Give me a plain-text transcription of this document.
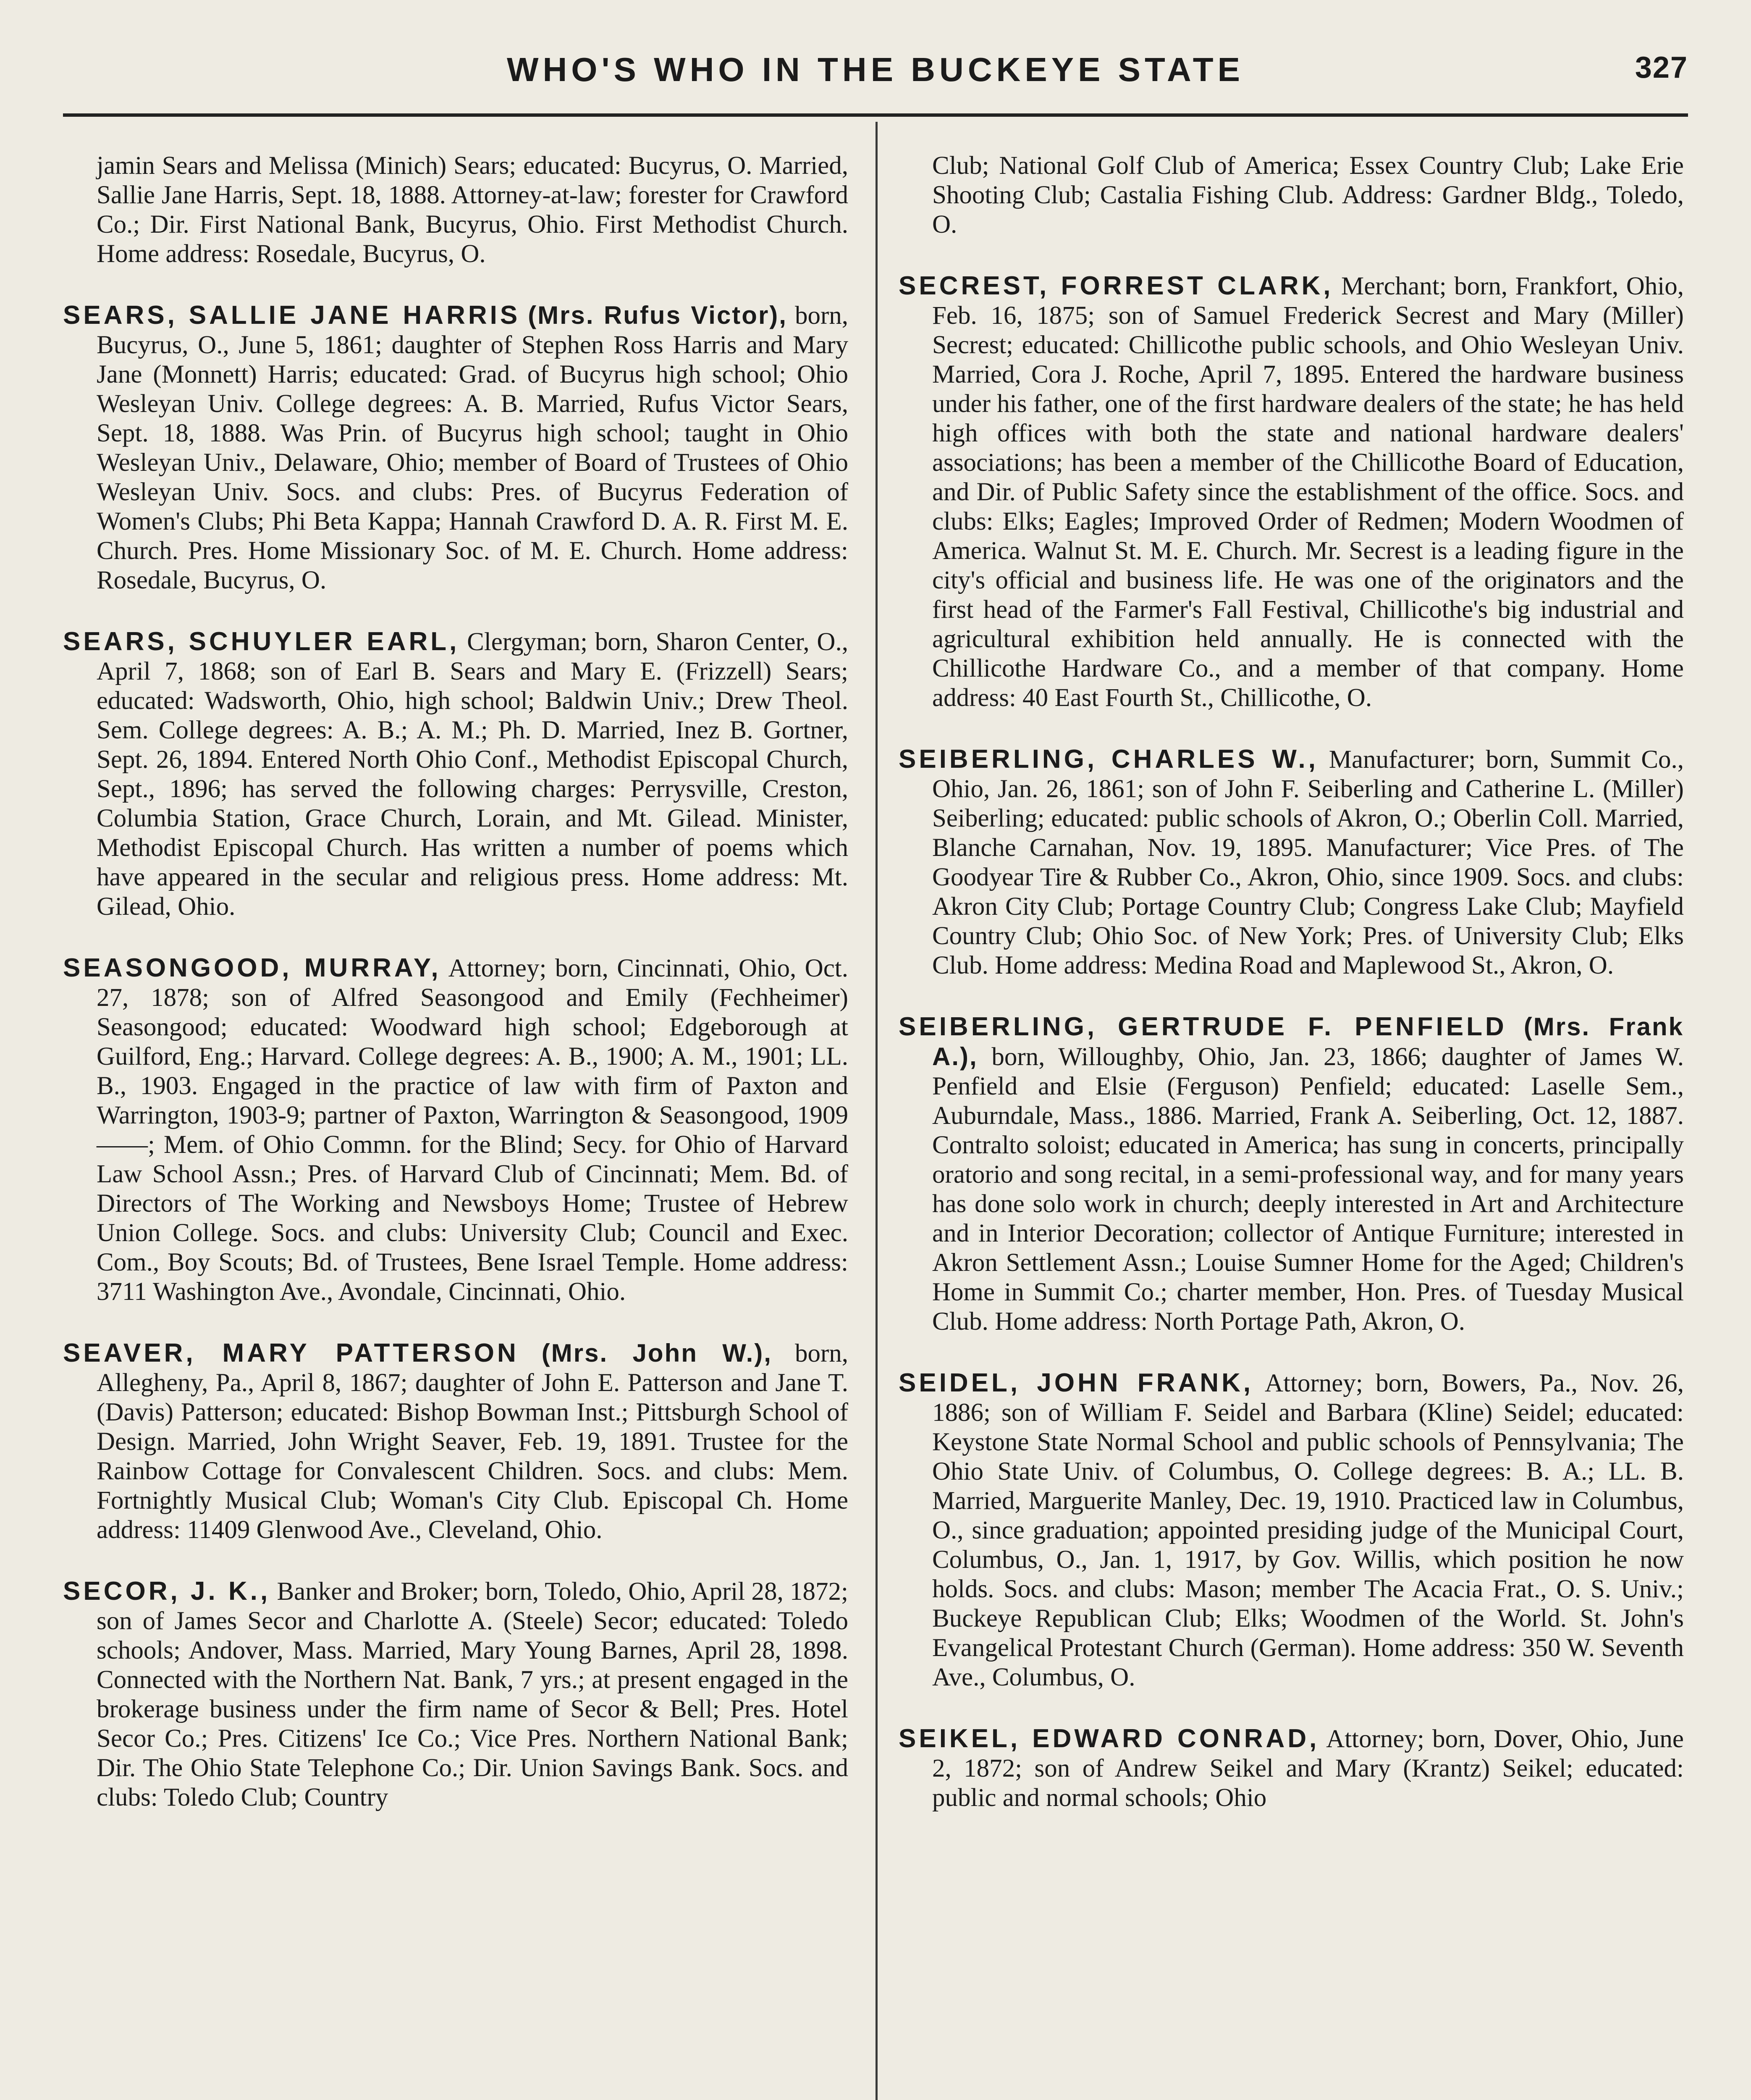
WHO'S WHO IN THE BUCKEYE STATE	327

jamin Sears and Melissa (Minich) Sears; educated: Bucyrus, O. Married, Sallie Jane Harris, Sept. 18, 1888. Attorney-at-law; forester for Crawford Co.; Dir. First National Bank, Bucyrus, Ohio. First Methodist Church. Home address: Rosedale, Bucyrus, O.

SEARS, SALLIE JANE HARRIS (Mrs. Rufus Victor), born, Bucyrus, O., June 5, 1861; daughter of Stephen Ross Harris and Mary Jane (Monnett) Harris; educated: Grad. of Bucyrus high school; Ohio Wesleyan Univ. College degrees: A. B. Married, Rufus Victor Sears, Sept. 18, 1888. Was Prin. of Bucyrus high school; taught in Ohio Wesleyan Univ., Delaware, Ohio; member of Board of Trustees of Ohio Wesleyan Univ. Socs. and clubs: Pres. of Bucyrus Federation of Women's Clubs; Phi Beta Kappa; Hannah Crawford D. A. R. First M. E. Church. Pres. Home Missionary Soc. of M. E. Church. Home address: Rosedale, Bucyrus, O.

SEARS, SCHUYLER EARL, Clergyman; born, Sharon Center, O., April 7, 1868; son of Earl B. Sears and Mary E. (Frizzell) Sears; educated: Wadsworth, Ohio, high school; Baldwin Univ.; Drew Theol. Sem. College degrees: A. B.; A. M.; Ph. D. Married, Inez B. Gortner, Sept. 26, 1894. Entered North Ohio Conf., Methodist Episcopal Church, Sept., 1896; has served the following charges: Perrysville, Creston, Columbia Station, Grace Church, Lorain, and Mt. Gilead. Minister, Methodist Episcopal Church. Has written a number of poems which have appeared in the secular and religious press. Home address: Mt. Gilead, Ohio.

SEASONGOOD, MURRAY, Attorney; born, Cincinnati, Ohio, Oct. 27, 1878; son of Alfred Seasongood and Emily (Fechheimer) Seasongood; educated: Woodward high school; Edgeborough at Guilford, Eng.; Harvard. College degrees: A. B., 1900; A. M., 1901; LL. B., 1903. Engaged in the practice of law with firm of Paxton and Warrington, 1903-9; partner of Paxton, Warrington & Seasongood, 1909——; Mem. of Ohio Commn. for the Blind; Secy. for Ohio of Harvard Law School Assn.; Pres. of Harvard Club of Cincinnati; Mem. Bd. of Directors of The Working and Newsboys Home; Trustee of Hebrew Union College. Socs. and clubs: University Club; Council and Exec. Com., Boy Scouts; Bd. of Trustees, Bene Israel Temple. Home address: 3711 Washington Ave., Avondale, Cincinnati, Ohio.

SEAVER, MARY PATTERSON (Mrs. John W.), born, Allegheny, Pa., April 8, 1867; daughter of John E. Patterson and Jane T. (Davis) Patterson; educated: Bishop Bowman Inst.; Pittsburgh School of Design. Married, John Wright Seaver, Feb. 19, 1891. Trustee for the Rainbow Cottage for Convalescent Children. Socs. and clubs: Mem. Fortnightly Musical Club; Woman's City Club. Episcopal Ch. Home address: 11409 Glenwood Ave., Cleveland, Ohio.

SECOR, J. K., Banker and Broker; born, Toledo, Ohio, April 28, 1872; son of James Secor and Charlotte A. (Steele) Secor; educated: Toledo schools; Andover, Mass. Married, Mary Young Barnes, April 28, 1898. Connected with the Northern Nat. Bank, 7 yrs.; at present engaged in the brokerage business under the firm name of Secor & Bell; Pres. Hotel Secor Co.; Pres. Citizens' Ice Co.; Vice Pres. Northern National Bank; Dir. The Ohio State Telephone Co.; Dir. Union Savings Bank. Socs. and clubs: Toledo Club; Country

Club; National Golf Club of America; Essex Country Club; Lake Erie Shooting Club; Castalia Fishing Club. Address: Gardner Bldg., Toledo, O.

SECREST, FORREST CLARK, Merchant; born, Frankfort, Ohio, Feb. 16, 1875; son of Samuel Frederick Secrest and Mary (Miller) Secrest; educated: Chillicothe public schools, and Ohio Wesleyan Univ. Married, Cora J. Roche, April 7, 1895. Entered the hardware business under his father, one of the first hardware dealers of the state; he has held high offices with both the state and national hardware dealers' associations; has been a member of the Chillicothe Board of Education, and Dir. of Public Safety since the establishment of the office. Socs. and clubs: Elks; Eagles; Improved Order of Redmen; Modern Woodmen of America. Walnut St. M. E. Church. Mr. Secrest is a leading figure in the city's official and business life. He was one of the originators and the first head of the Farmer's Fall Festival, Chillicothe's big industrial and agricultural exhibition held annually. He is connected with the Chillicothe Hardware Co., and a member of that company. Home address: 40 East Fourth St., Chillicothe, O.

SEIBERLING, CHARLES W., Manufacturer; born, Summit Co., Ohio, Jan. 26, 1861; son of John F. Seiberling and Catherine L. (Miller) Seiberling; educated: public schools of Akron, O.; Oberlin Coll. Married, Blanche Carnahan, Nov. 19, 1895. Manufacturer; Vice Pres. of The Goodyear Tire & Rubber Co., Akron, Ohio, since 1909. Socs. and clubs: Akron City Club; Portage Country Club; Congress Lake Club; Mayfield Country Club; Ohio Soc. of New York; Pres. of University Club; Elks Club. Home address: Medina Road and Maplewood St., Akron, O.

SEIBERLING, GERTRUDE F. PENFIELD (Mrs. Frank A.), born, Willoughby, Ohio, Jan. 23, 1866; daughter of James W. Penfield and Elsie (Ferguson) Penfield; educated: Laselle Sem., Auburndale, Mass., 1886. Married, Frank A. Seiberling, Oct. 12, 1887. Contralto soloist; educated in America; has sung in concerts, principally oratorio and song recital, in a semi-professional way, and for many years has done solo work in church; deeply interested in Art and Architecture and in Interior Decoration; collector of Antique Furniture; interested in Akron Settlement Assn.; Louise Sumner Home for the Aged; Children's Home in Summit Co.; charter member, Hon. Pres. of Tuesday Musical Club. Home address: North Portage Path, Akron, O.

SEIDEL, JOHN FRANK, Attorney; born, Bowers, Pa., Nov. 26, 1886; son of William F. Seidel and Barbara (Kline) Seidel; educated: Keystone State Normal School and public schools of Pennsylvania; The Ohio State Univ. of Columbus, O. College degrees: B. A.; LL. B. Married, Marguerite Manley, Dec. 19, 1910. Practiced law in Columbus, O., since graduation; appointed presiding judge of the Municipal Court, Columbus, O., Jan. 1, 1917, by Gov. Willis, which position he now holds. Socs. and clubs: Mason; member The Acacia Frat., O. S. Univ.; Buckeye Republican Club; Elks; Woodmen of the World. St. John's Evangelical Protestant Church (German). Home address: 350 W. Seventh Ave., Columbus, O.

SEIKEL, EDWARD CONRAD, Attorney; born, Dover, Ohio, June 2, 1872; son of Andrew Seikel and Mary (Krantz) Seikel; educated: public and normal schools; Ohio
